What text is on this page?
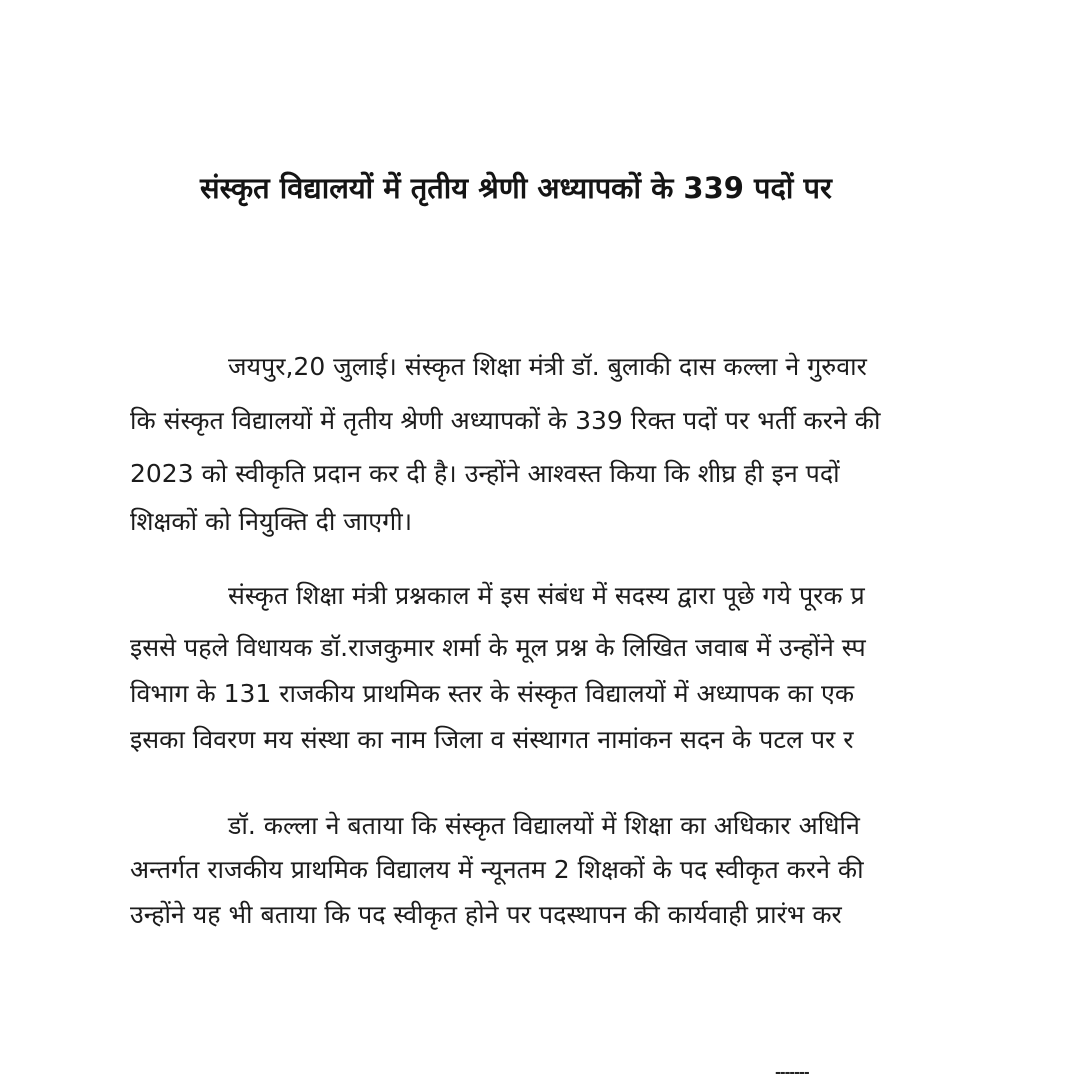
संस्कृत विद्यालयों में तृतीय श्रेणी अध्यापकों के 339 पदों पर

जयपुर,20 जुलाई। संस्कृत शिक्षा मंत्री डॉ. बुलाकी दास कल्ला ने गुरुवार

कि संस्कृत विद्यालयों में तृतीय श्रेणी अध्यापकों के 339 रिक्त पदों पर भर्ती करने की

2023 को स्वीकृति प्रदान कर दी है। उन्होंने आश्वस्त किया कि शीघ्र ही इन पदों

शिक्षकों को नियुक्ति दी जाएगी।

संस्कृत शिक्षा मंत्री प्रश्नकाल में इस संबंध में सदस्य द्वारा पूछे गये पूरक प्र

इससे पहले विधायक डॉ.राजकुमार शर्मा के मूल प्रश्न के लिखित जवाब में उन्होंने स्प

विभाग के 131 राजकीय प्राथमिक स्तर के संस्कृत विद्यालयों में अध्यापक का एक

इसका विवरण मय संस्था का नाम जिला व संस्थागत नामांकन सदन के पटल पर र

डॉ. कल्ला ने बताया कि संस्कृत विद्यालयों में शिक्षा का अधिकार अधिनि

अन्तर्गत राजकीय प्राथमिक विद्यालय में न्यूनतम 2 शिक्षकों के पद स्वीकृत करने की

उन्होंने यह भी बताया कि पद स्वीकृत होने पर पदस्थापन की कार्यवाही प्रारंभ कर

-------
